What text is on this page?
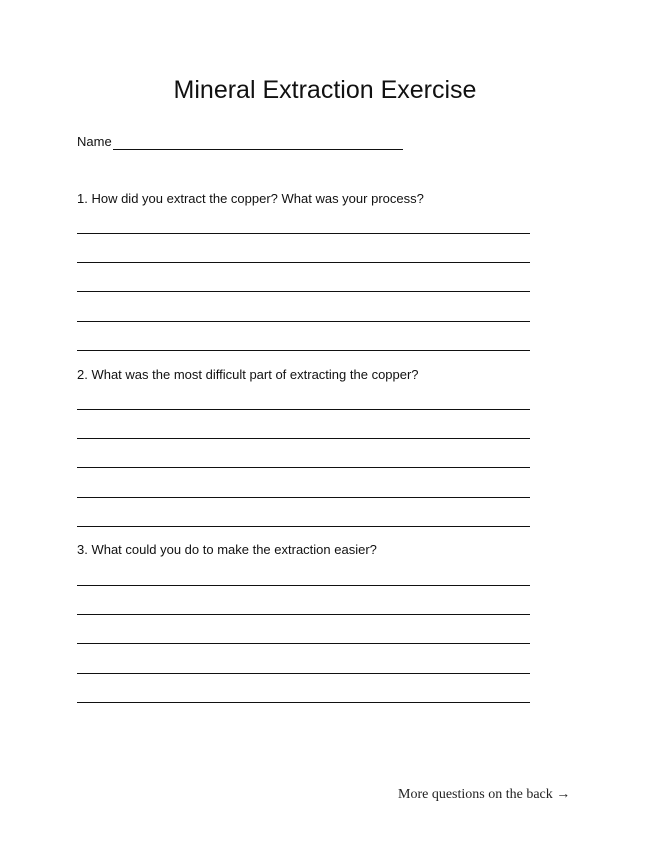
Mineral Extraction Exercise
Name
1. How did you extract the copper? What was your process?
2. What was the most difficult part of extracting the copper?
3. What could you do to make the extraction easier?
More questions on the back →
